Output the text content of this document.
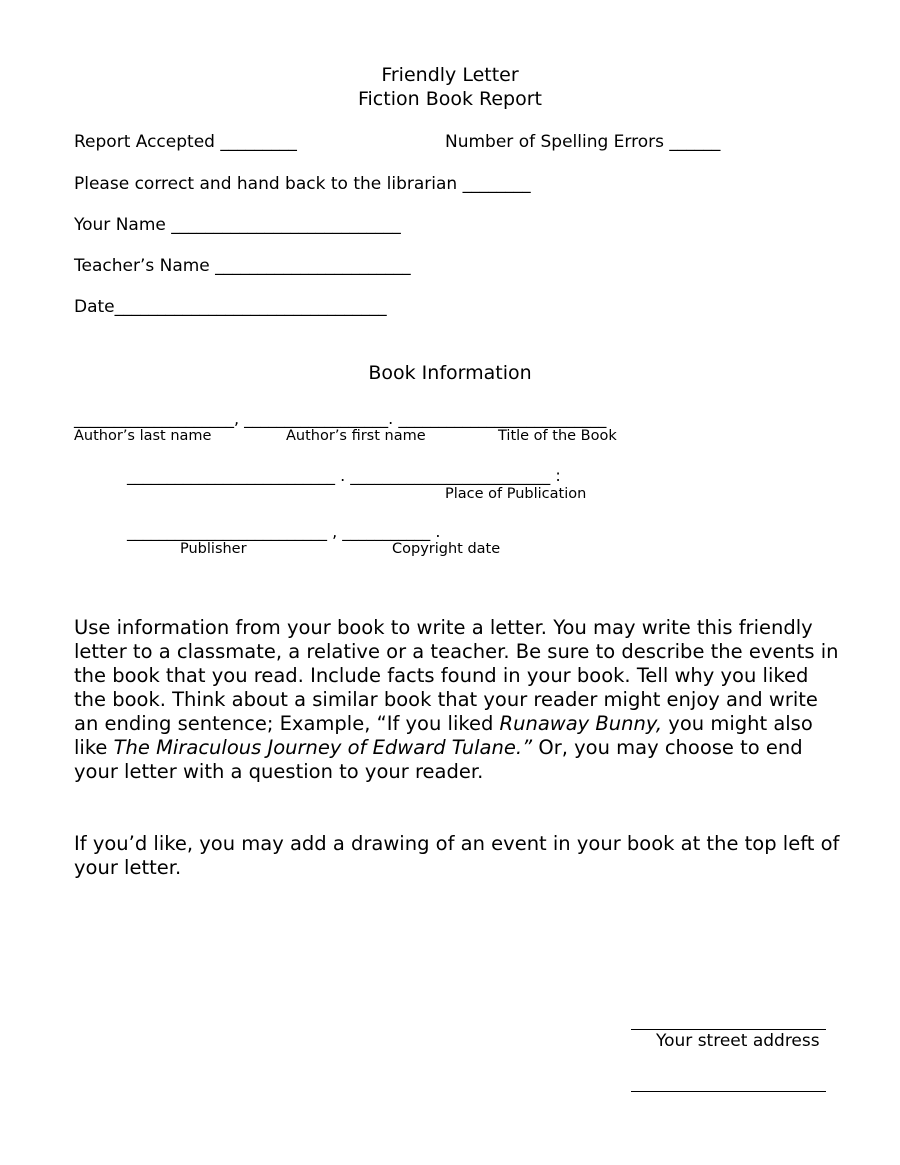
Friendly Letter
Fiction Book Report
Report Accepted _________	Number of Spelling Errors ______
Please correct and hand back to the librarian ________
Your Name ___________________________
Teacher’s Name _______________________
Date________________________________
Book Information
____________________, __________________. __________________________
Author’s last name	Author’s first name	Title of the Book
__________________________ . _________________________ :
Place of Publication
_________________________ , ___________ .
Publisher	Copyright date

Use information from your book to write a letter. You may write this friendly letter to a classmate, a relative or a teacher. Be sure to describe the events in the book that you read. Include facts found in your book. Tell why you liked the book. Think about a similar book that your reader might enjoy and write an ending sentence; Example, “If you liked Runaway Bunny, you might also like The Miraculous Journey of Edward Tulane.” Or, you may choose to end your letter with a question to your reader.

If you’d like, you may add a drawing of an event in your book at the top left of your letter.

Your street address
